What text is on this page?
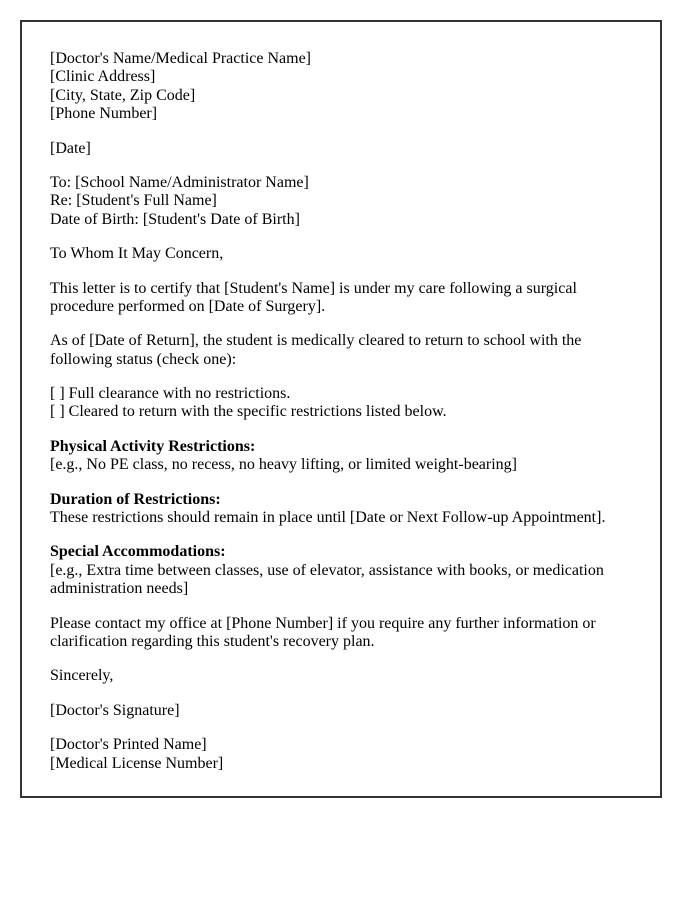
[Doctor's Name/Medical Practice Name]
[Clinic Address]
[City, State, Zip Code]
[Phone Number]

[Date]

To: [School Name/Administrator Name]
Re: [Student's Full Name]
Date of Birth: [Student's Date of Birth]

To Whom It May Concern,

This letter is to certify that [Student's Name] is under my care following a surgical
procedure performed on [Date of Surgery].

As of [Date of Return], the student is medically cleared to return to school with the
following status (check one):

[ ] Full clearance with no restrictions.
[ ] Cleared to return with the specific restrictions listed below.

Physical Activity Restrictions:
[e.g., No PE class, no recess, no heavy lifting, or limited weight-bearing]

Duration of Restrictions:
These restrictions should remain in place until [Date or Next Follow-up Appointment].

Special Accommodations:
[e.g., Extra time between classes, use of elevator, assistance with books, or medication
administration needs]

Please contact my office at [Phone Number] if you require any further information or
clarification regarding this student's recovery plan.

Sincerely,

[Doctor's Signature]

[Doctor's Printed Name]
[Medical License Number]
